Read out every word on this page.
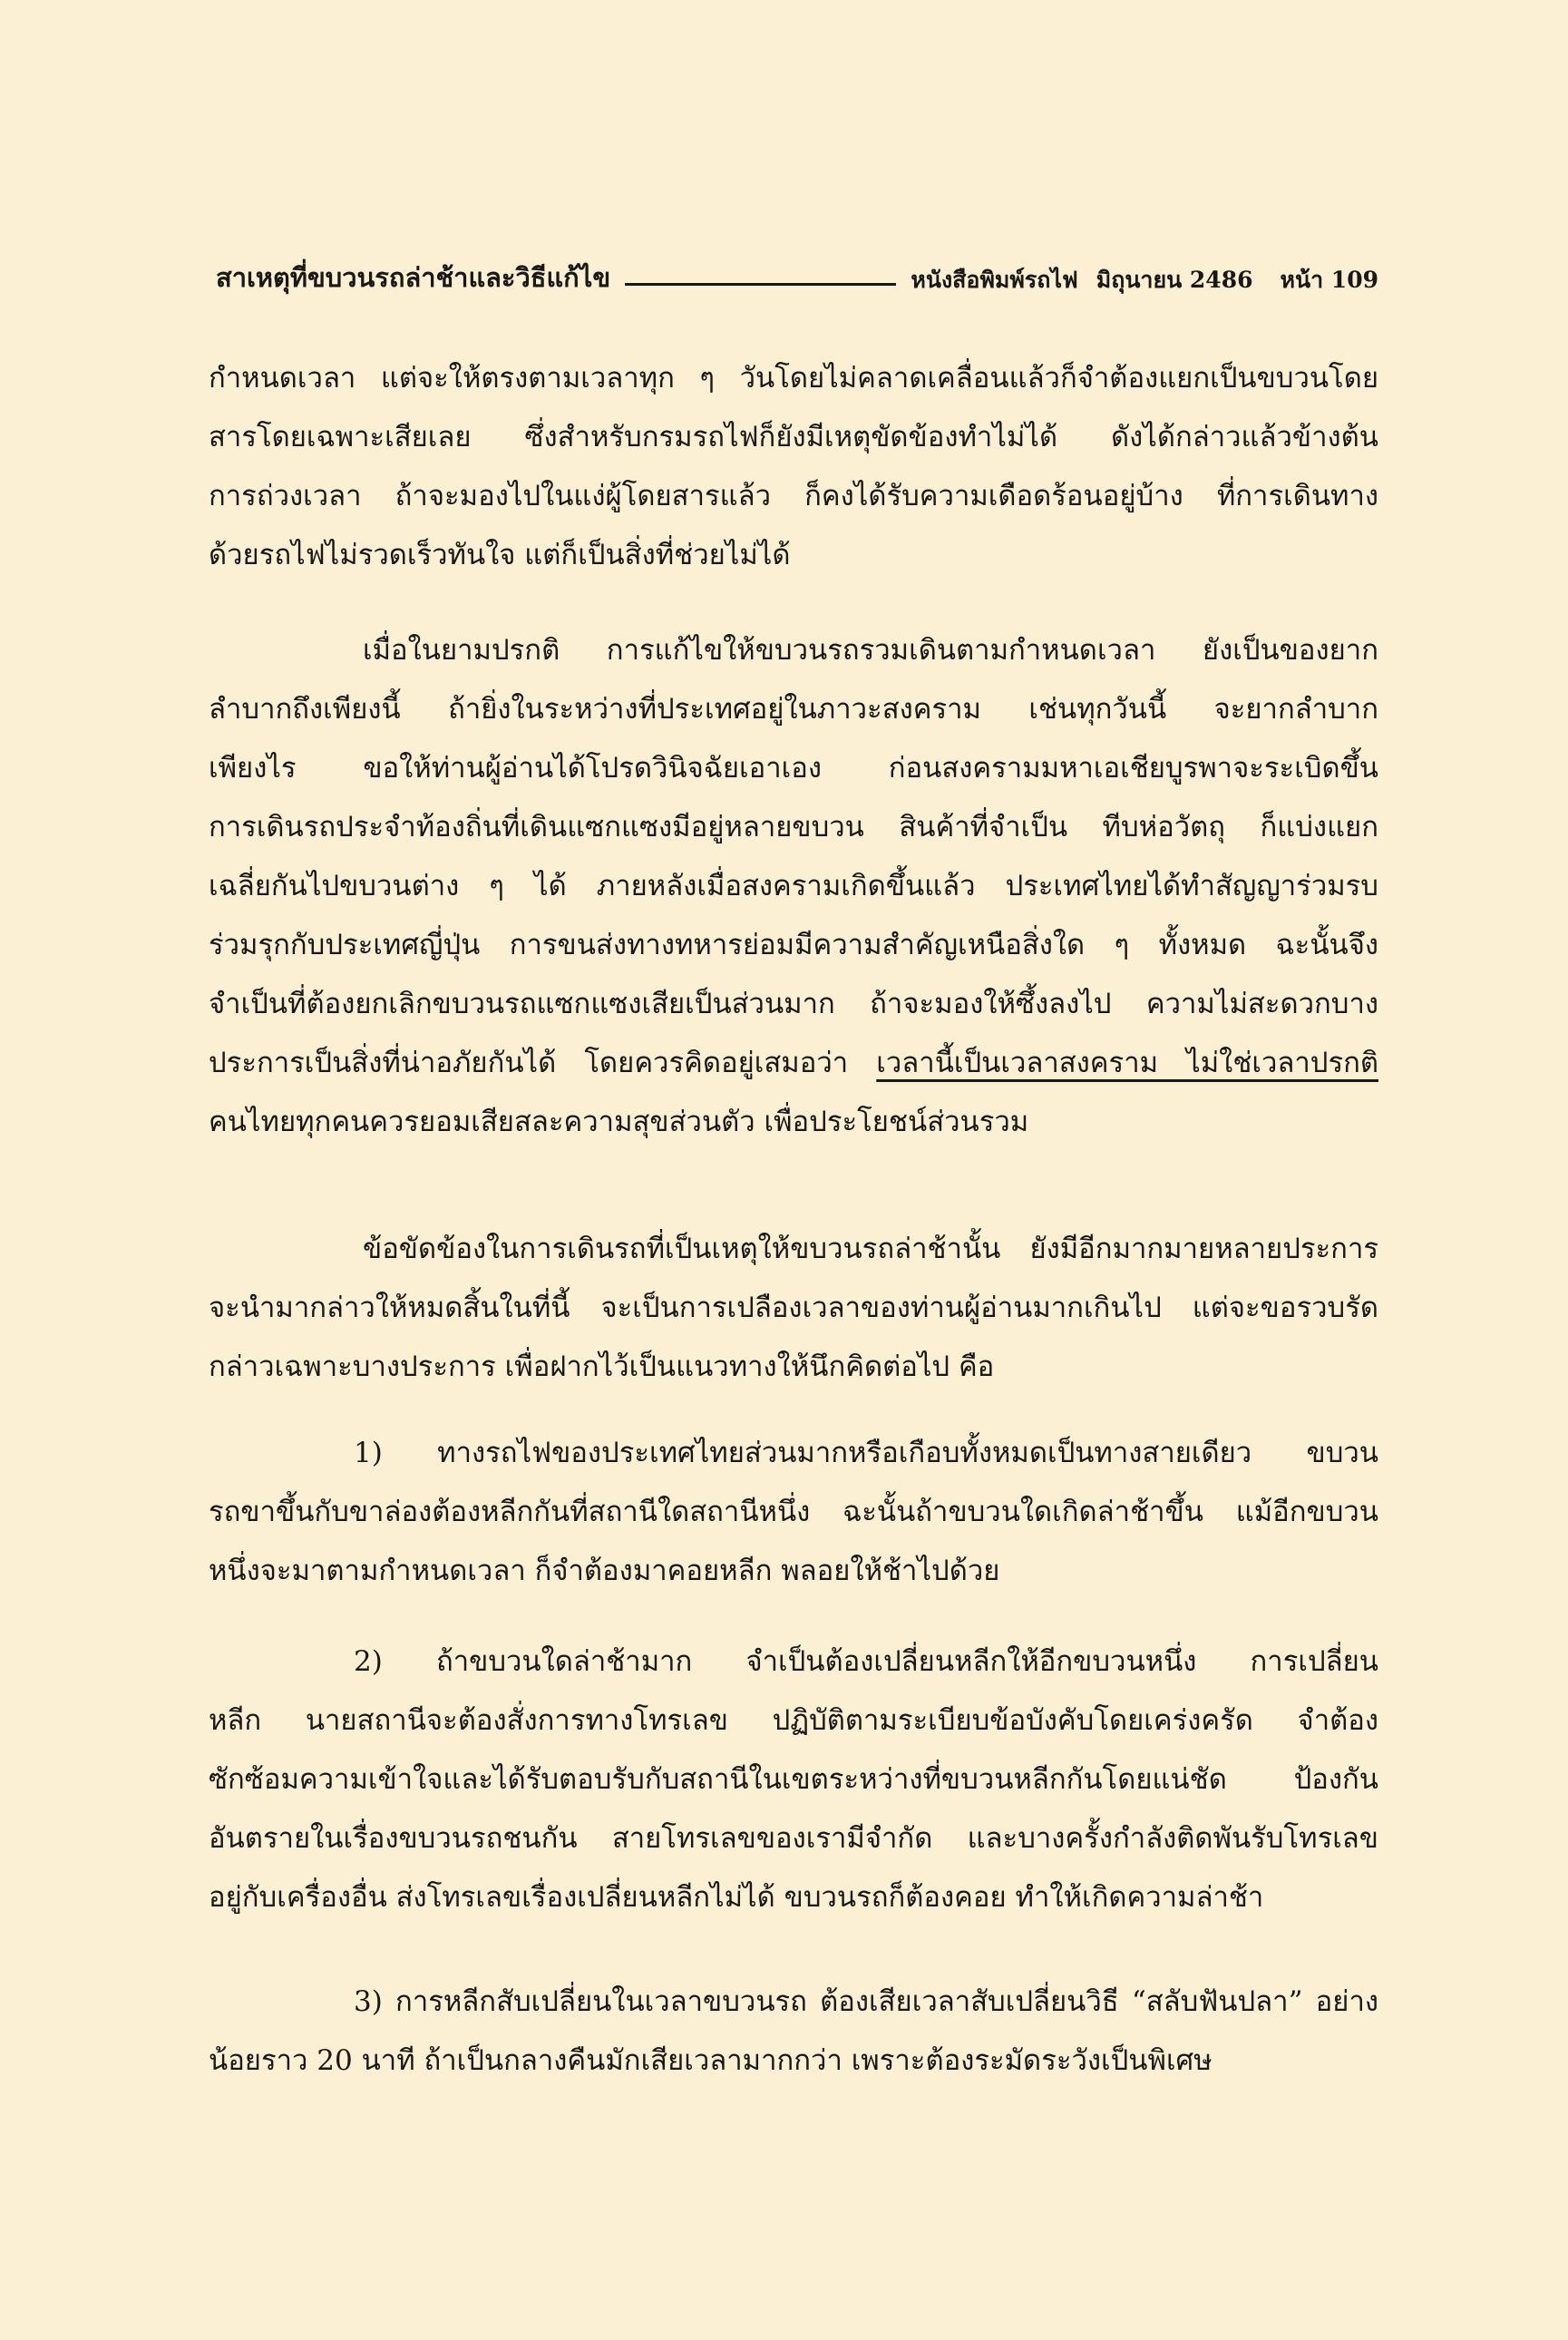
สาเหตุที่ขบวนรถล่าช้าและวิธีแก้ไข	หนังสือพิมพ์รถไฟ มิถุนายน 2486 หน้า 109
กำหนดเวลา แต่จะให้ตรงตามเวลาทุก ๆ วันโดยไม่คลาดเคลื่อนแล้วก็จำต้องแยกเป็นขบวนโดย
สารโดยเฉพาะเสียเลย ซึ่งสำหรับกรมรถไฟก็ยังมีเหตุขัดข้องทำไม่ได้ ดังได้กล่าวแล้วข้างต้น
การถ่วงเวลา ถ้าจะมองไปในแง่ผู้โดยสารแล้ว ก็คงได้รับความเดือดร้อนอยู่บ้าง ที่การเดินทาง
ด้วยรถไฟไม่รวดเร็วทันใจ แต่ก็เป็นสิ่งที่ช่วยไม่ได้
เมื่อในยามปรกติ การแก้ไขให้ขบวนรถรวมเดินตามกำหนดเวลา ยังเป็นของยาก
ลำบากถึงเพียงนี้ ถ้ายิ่งในระหว่างที่ประเทศอยู่ในภาวะสงคราม เช่นทุกวันนี้ จะยากลำบาก
เพียงไร ขอให้ท่านผู้อ่านได้โปรดวินิจฉัยเอาเอง ก่อนสงครามมหาเอเชียบูรพาจะระเบิดขึ้น
การเดินรถประจำท้องถิ่นที่เดินแซกแซงมีอยู่หลายขบวน สินค้าที่จำเป็น ทีบห่อวัตถุ ก็แบ่งแยก
เฉลี่ยกันไปขบวนต่าง ๆ ได้ ภายหลังเมื่อสงครามเกิดขึ้นแล้ว ประเทศไทยได้ทำสัญญาร่วมรบ
ร่วมรุกกับประเทศญี่ปุ่น การขนส่งทางทหารย่อมมีความสำคัญเหนือสิ่งใด ๆ ทั้งหมด ฉะนั้นจึง
จำเป็นที่ต้องยกเลิกขบวนรถแซกแซงเสียเป็นส่วนมาก ถ้าจะมองให้ซึ้งลงไป ความไม่สะดวกบาง
ประการเป็นสิ่งที่น่าอภัยกันได้ โดยควรคิดอยู่เสมอว่า เวลานี้เป็นเวลาสงคราม ไม่ใช่เวลาปรกติ
คนไทยทุกคนควรยอมเสียสละความสุขส่วนตัว เพื่อประโยชน์ส่วนรวม
ข้อขัดข้องในการเดินรถที่เป็นเหตุให้ขบวนรถล่าช้านั้น ยังมีอีกมากมายหลายประการ
จะนำมากล่าวให้หมดสิ้นในที่นี้ จะเป็นการเปลืองเวลาของท่านผู้อ่านมากเกินไป แต่จะขอรวบรัด
กล่าวเฉพาะบางประการ เพื่อฝากไว้เป็นแนวทางให้นึกคิดต่อไป คือ
1) ทางรถไฟของประเทศไทยส่วนมากหรือเกือบทั้งหมดเป็นทางสายเดียว ขบวน
รถขาขึ้นกับขาล่องต้องหลีกกันที่สถานีใดสถานีหนึ่ง ฉะนั้นถ้าขบวนใดเกิดล่าช้าขึ้น แม้อีกขบวน
หนึ่งจะมาตามกำหนดเวลา ก็จำต้องมาคอยหลีก พลอยให้ช้าไปด้วย
2) ถ้าขบวนใดล่าช้ามาก จำเป็นต้องเปลี่ยนหลีกให้อีกขบวนหนึ่ง การเปลี่ยน
หลีก นายสถานีจะต้องสั่งการทางโทรเลข ปฏิบัติตามระเบียบข้อบังคับโดยเคร่งครัด จำต้อง
ซักซ้อมความเข้าใจและได้รับตอบรับกับสถานีในเขตระหว่างที่ขบวนหลีกกันโดยแน่ชัด ป้องกัน
อันตรายในเรื่องขบวนรถชนกัน สายโทรเลขของเรามีจำกัด และบางครั้งกำลังติดพันรับโทรเลข
อยู่กับเครื่องอื่น ส่งโทรเลขเรื่องเปลี่ยนหลีกไม่ได้ ขบวนรถก็ต้องคอย ทำให้เกิดความล่าช้า
3) การหลีกสับเปลี่ยนในเวลาขบวนรถ ต้องเสียเวลาสับเปลี่ยนวิธี “สลับฟันปลา” อย่าง
น้อยราว 20 นาที ถ้าเป็นกลางคืนมักเสียเวลามากกว่า เพราะต้องระมัดระวังเป็นพิเศษ
